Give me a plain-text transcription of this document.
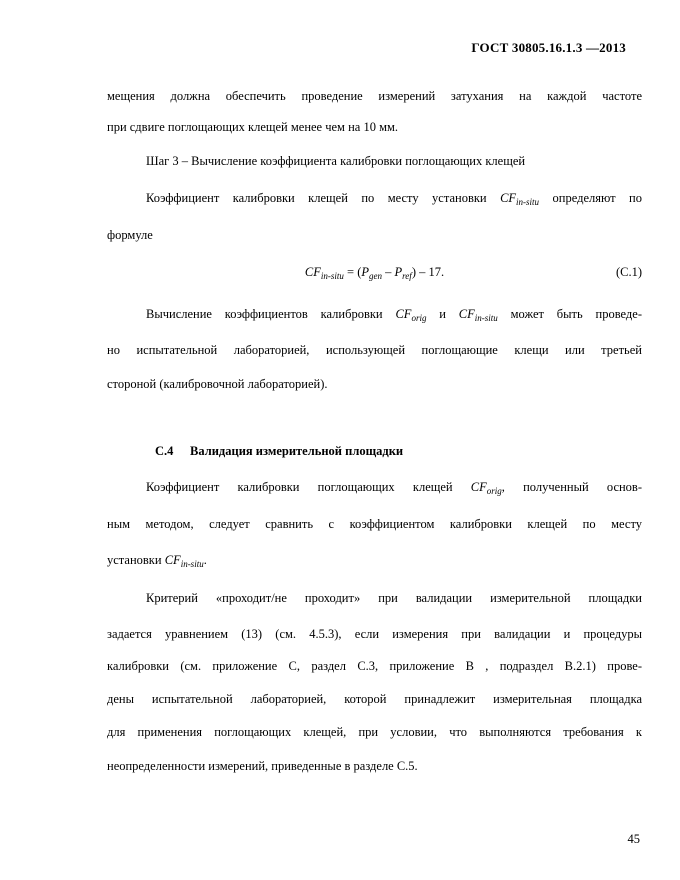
ГОСТ 30805.16.1.3 —2013
мещения должна обеспечить проведение измерений затухания на каждой частоте
при сдвиге поглощающих клещей менее чем на 10 мм.
Шаг 3 – Вычисление коэффициента калибровки поглощающих клещей
Коэффициент калибровки клещей по месту установки $CF_{in-situ}$ определяют по
формуле
$CF_{in-situ} = (P_{gen} - P_{ref}) - 17$.	(С.1)
Вычисление коэффициентов калибровки $CF_{orig}$ и $CF_{in-situ}$ может быть проведе-
но испытательной лабораторией, использующей поглощающие клещи или третьей
стороной (калибровочной лабораторией).
С.4 Валидация измерительной площадки
Коэффициент калибровки поглощающих клещей $CF_{orig}$, полученный основ-
ным методом, следует сравнить с коэффициентом калибровки клещей по месту
установки $CF_{in-situ}$.
Критерий «проходит/не проходит» при валидации измерительной площадки
задается уравнением (13) (см. 4.5.3), если измерения при валидации и процедуры
калибровки (см. приложение С, раздел С.3, приложение В , подраздел В.2.1) прове-
дены испытательной лабораторией, которой принадлежит измерительная площадка
для применения поглощающих клещей, при условии, что выполняются требования к
неопределенности измерений, приведенные в разделе С.5.
45
